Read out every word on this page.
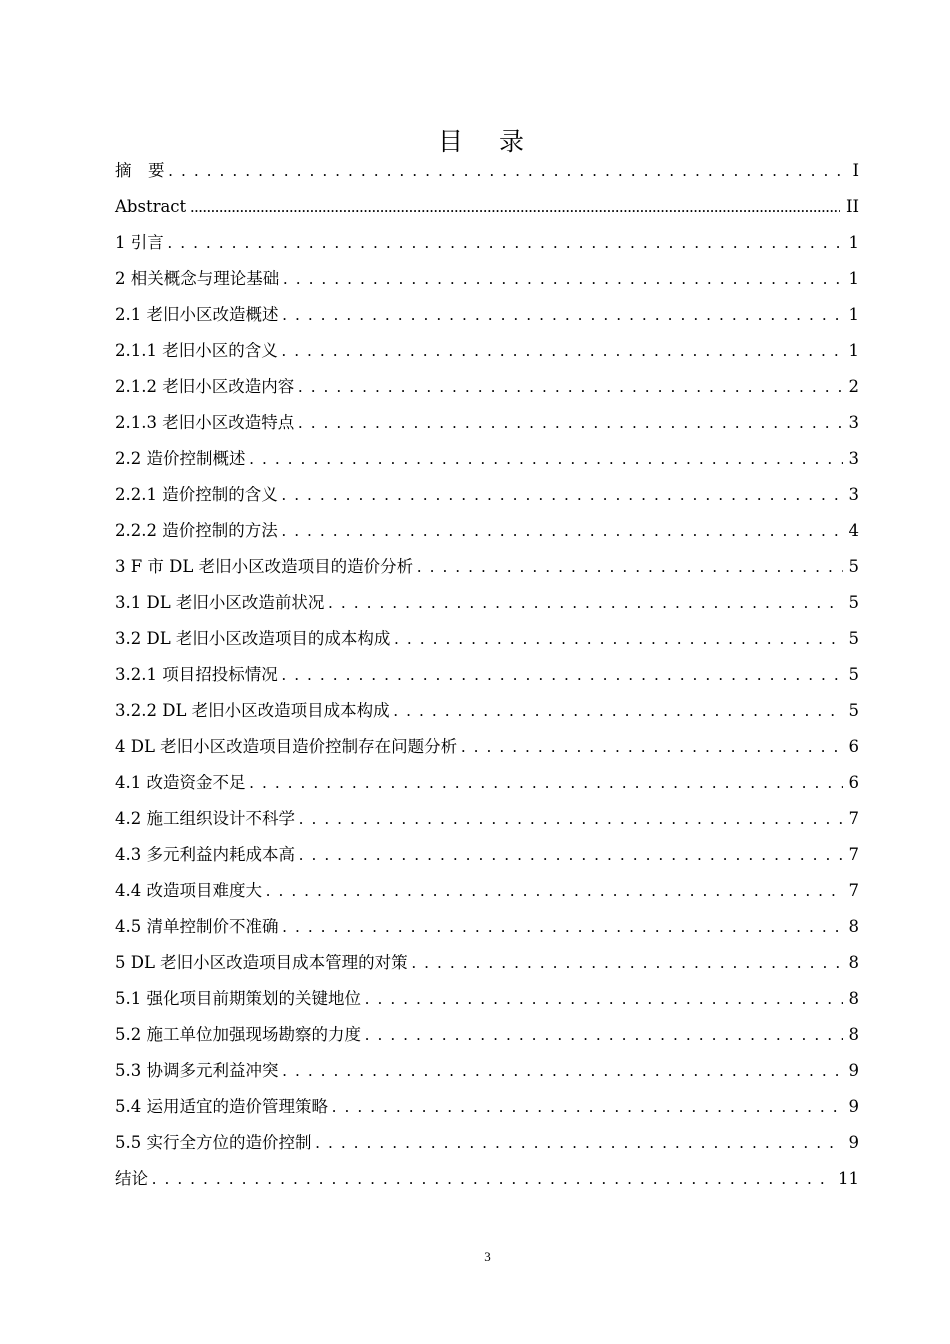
目 录
摘　要 . . .	I
Abstract .....	II
1 引言 . . .	1
2 相关概念与理论基础 . . .	1
2.1 老旧小区改造概述 . . .	1
2.1.1 老旧小区的含义 . . .	1
2.1.2 老旧小区改造内容 . . .	2
2.1.3 老旧小区改造特点 . . .	3
2.2 造价控制概述 . . .	3
2.2.1 造价控制的含义 . . .	3
2.2.2 造价控制的方法 . . .	4
3 F 市 DL 老旧小区改造项目的造价分析 . . .	5
3.1 DL 老旧小区改造前状况 . . .	5
3.2 DL 老旧小区改造项目的成本构成 . . .	5
3.2.1 项目招投标情况 . . .	5
3.2.2 DL 老旧小区改造项目成本构成 . . .	5
4 DL 老旧小区改造项目造价控制存在问题分析 . . .	6
4.1 改造资金不足 . . .	6
4.2 施工组织设计不科学 . . .	7
4.3 多元利益内耗成本高 . . .	7
4.4 改造项目难度大 . . .	7
4.5 清单控制价不准确 . . .	8
5 DL 老旧小区改造项目成本管理的对策 . . .	8
5.1 强化项目前期策划的关键地位 . . .	8
5.2 施工单位加强现场勘察的力度 . . .	8
5.3 协调多元利益冲突 . . .	9
5.4 运用适宜的造价管理策略 . . .	9
5.5 实行全方位的造价控制 . . .	9
结论 . . .	11
3
